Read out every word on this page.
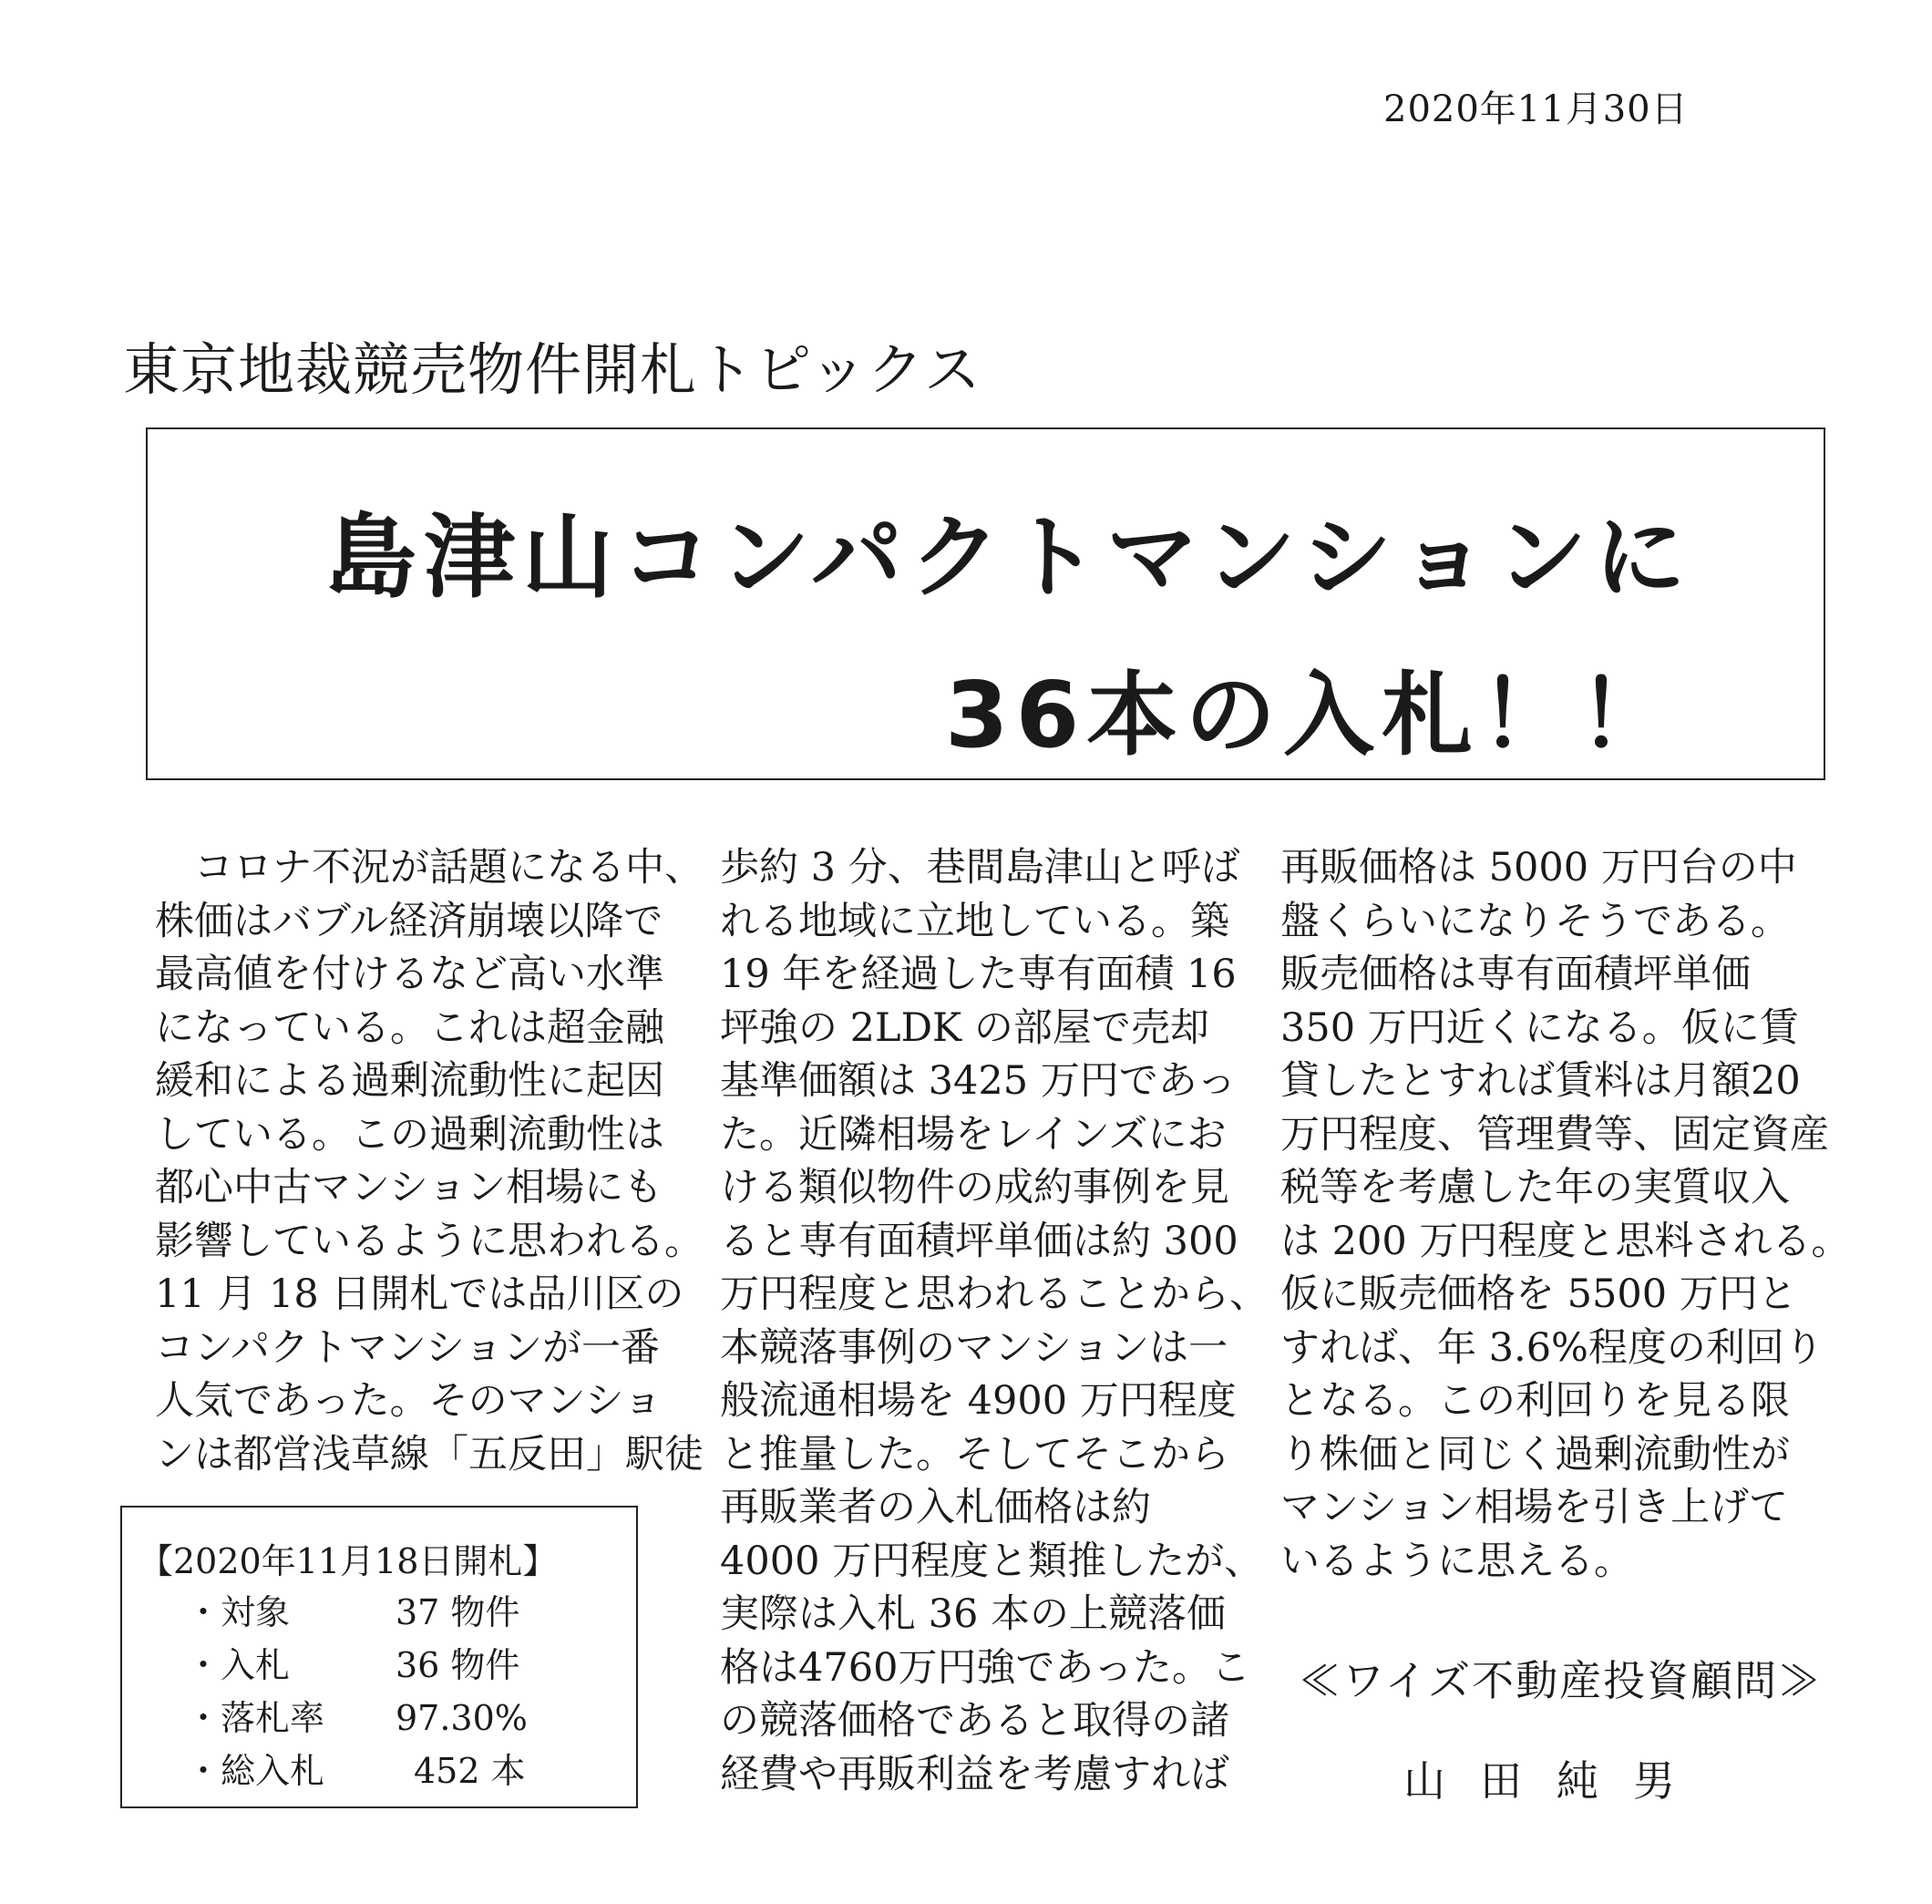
2020年11月30日
東京地裁競売物件開札トピックス
島津山コンパクトマンションに
36本の入札！！

　コロナ不況が話題になる中、

株価はバブル経済崩壊以降で

最高値を付けるなど高い水準

になっている。これは超金融

緩和による過剰流動性に起因

している。この過剰流動性は

都心中古マンション相場にも

影響しているように思われる。

11 月 18 日開札では品川区の

コンパクトマンションが一番

人気であった。そのマンショ

ンは都営浅草線「五反田」駅徒

歩約 3 分、巷間島津山と呼ば

れる地域に立地している。築

19 年を経過した専有面積 16

坪強の 2LDK の部屋で売却

基準価額は 3425 万円であっ

た。近隣相場をレインズにお

ける類似物件の成約事例を見

ると専有面積坪単価は約 300

万円程度と思われることから、

本競落事例のマンションは一

般流通相場を 4900 万円程度

と推量した。そしてそこから

再販業者の入札価格は約

4000 万円程度と類推したが、

実際は入札 36 本の上競落価

格は4760万円強であった。こ

の競落価格であると取得の諸

経費や再販利益を考慮すれば

再販価格は 5000 万円台の中

盤くらいになりそうである。

販売価格は専有面積坪単価

350 万円近くになる。仮に賃

貸したとすれば賃料は月額20

万円程度、管理費等、固定資産

税等を考慮した年の実質収入

は 200 万円程度と思料される。

仮に販売価格を 5500 万円と

すれば、年 3.6%程度の利回り

となる。この利回りを見る限

り株価と同じく過剰流動性が

マンション相場を引き上げて

いるように思える。

【2020年11月18日開札】
・対象	37 物件
・入札	36 物件
・落札率 97.30%
・総入札	452 本
≪ワイズ不動産投資顧問≫
山田純男
